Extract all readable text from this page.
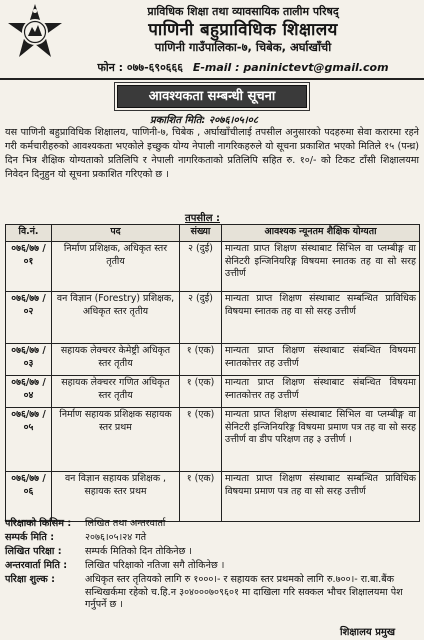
प्राविधिक शिक्षा तथा व्यावसायिक तालीम परिषद्
पाणिनी बहुप्राविधिक शिक्षालय
पाणिनी गाउँपालिका-७, चिबेक, अर्घाखाँची
फोन : ०७७-६९०६६६ E-mail : paninictevt@gmail.com
आवश्यकता सम्बन्धी सूचना
प्रकाशित मिति: २०७६।०५।०८
यस पाणिनी बहुप्राविधिक शिक्षालय, पाणिनी-७, चिबेक , अर्घाखाँचीलाई तपसील अनुसारको पदहरुमा सेवा करारमा रहने गरी कर्मचारीहरुको आवश्यकता भएकोले इच्छुक योग्य नेपाली नागरिकहरुले यो सूचना प्रकाशित भएको मितिले १५ (पन्ध्र) दिन भित्र शैक्षिक योग्यताको प्रतिलिपि र नेपाली नागरिकताको प्रतिलिपि सहित रु. १०/- को टिकट टाँसी शिक्षालयमा निवेदन दिनुहुन यो सूचना प्रकाशित गरिएको छ ।
तपसील :
वि.नं.	पद	संख्या	आवश्यक न्यूनतम शैक्षिक योग्यता
०७६/७७ /०१	निर्माण प्रशिक्षक, अधिकृत स्तर तृतीय	२ (दुई)	मान्यता प्राप्त शिक्षण संस्थाबाट सिभिल वा प्लम्बीङ्ग वा सेनिटरी इन्जिनियरिङ्ग विषयमा स्नातक तह वा सो सरह उत्तीर्ण
०७६/७७ /०२	वन विज्ञान (Forestry) प्रशिक्षक, अधिकृत स्तर तृतीय	२ (दुई)	मान्यता प्राप्त शिक्षण संस्थाबाट सम्बन्धित प्राविधिक विषयमा स्नातक तह वा सो सरह उत्तीर्ण
०७६/७७ /०३	सहायक लेक्चरर केमेष्ट्री अधिकृत स्तर तृतीय	१ (एक)	मान्यता प्राप्त शिक्षण संस्थाबाट संबन्धित विषयमा स्नातकोत्तर तह उत्तीर्ण
०७६/७७ /०४	सहायक लेक्चरर गणित अधिकृत स्तर तृतीय	१ (एक)	मान्यता प्राप्त शिक्षण संस्थाबाट संबन्धित विषयमा स्नातकोत्तर तह उत्तीर्ण
०७६/७७ /०५	निर्माण सहायक प्रशिक्षक सहायक स्तर प्रथम	१ (एक)	मान्यता प्राप्त शिक्षण संस्थाबाट सिभिल वा प्लम्बीङ्ग वा सेनिटरी इन्जिनियरिङ्ग विषयमा प्रमाण पत्र तह वा सो सरह उत्तीर्ण वा डीप परिक्षण तह ३ उत्तीर्ण ।
०७६/७७ /०६	वन विज्ञान सहायक प्रशिक्षक , सहायक स्तर प्रथम	१ (एक)	मान्यता प्राप्त शिक्षण संस्थाबाट सम्बन्धित प्राविधिक विषयमा प्रमाण पत्र तह वा सो सरह उत्तीर्ण
परिक्षाको किसिम :	लिखित तथा अन्तरवार्ता
सम्पर्क मिति :	२०७६।०५।२४ गते
लिखित परिक्षा :	सम्पर्क मितिको दिन तोकिनेछ ।
अन्तरवार्ता मिति :	लिखित परिक्षाको नतिजा सगै तोकिनेछ ।
परिक्षा शुल्क :	अधिकृत स्तर तृतियको लागि रु १०००।- र सहायक स्तर प्रथमको लागि रु.७००।- रा.बा.बैंक सन्धिखर्कमा रहेको च.हि.न ३०४०००७०९६०१ मा दाखिला गरि सक्कल भौचर शिक्षालयमा पेश गर्नुपर्ने छ ।
शिक्षालय प्रमुख
